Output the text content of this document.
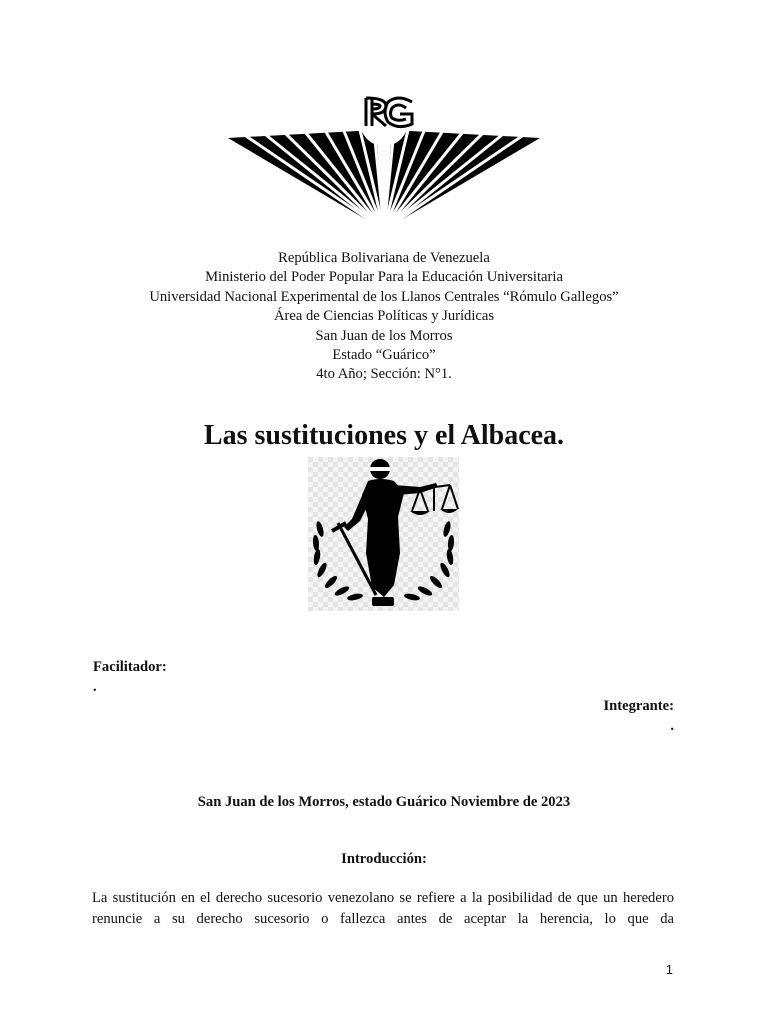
República Bolivariana de Venezuela
Ministerio del Poder Popular Para la Educación Universitaria
Universidad Nacional Experimental de los Llanos Centrales “Rómulo Gallegos”
Área de Ciencias Políticas y Jurídicas
San Juan de los Morros
Estado “Guárico”
4to Año; Sección: N°1.
Las sustituciones y el Albacea.
Facilitador:
.
Integrante:
.
San Juan de los Morros, estado Guárico Noviembre de 2023
Introducción:
La sustitución en el derecho sucesorio venezolano se refiere a la posibilidad de que un heredero renuncie a su derecho sucesorio o fallezca antes de aceptar la herencia, lo que da
1
